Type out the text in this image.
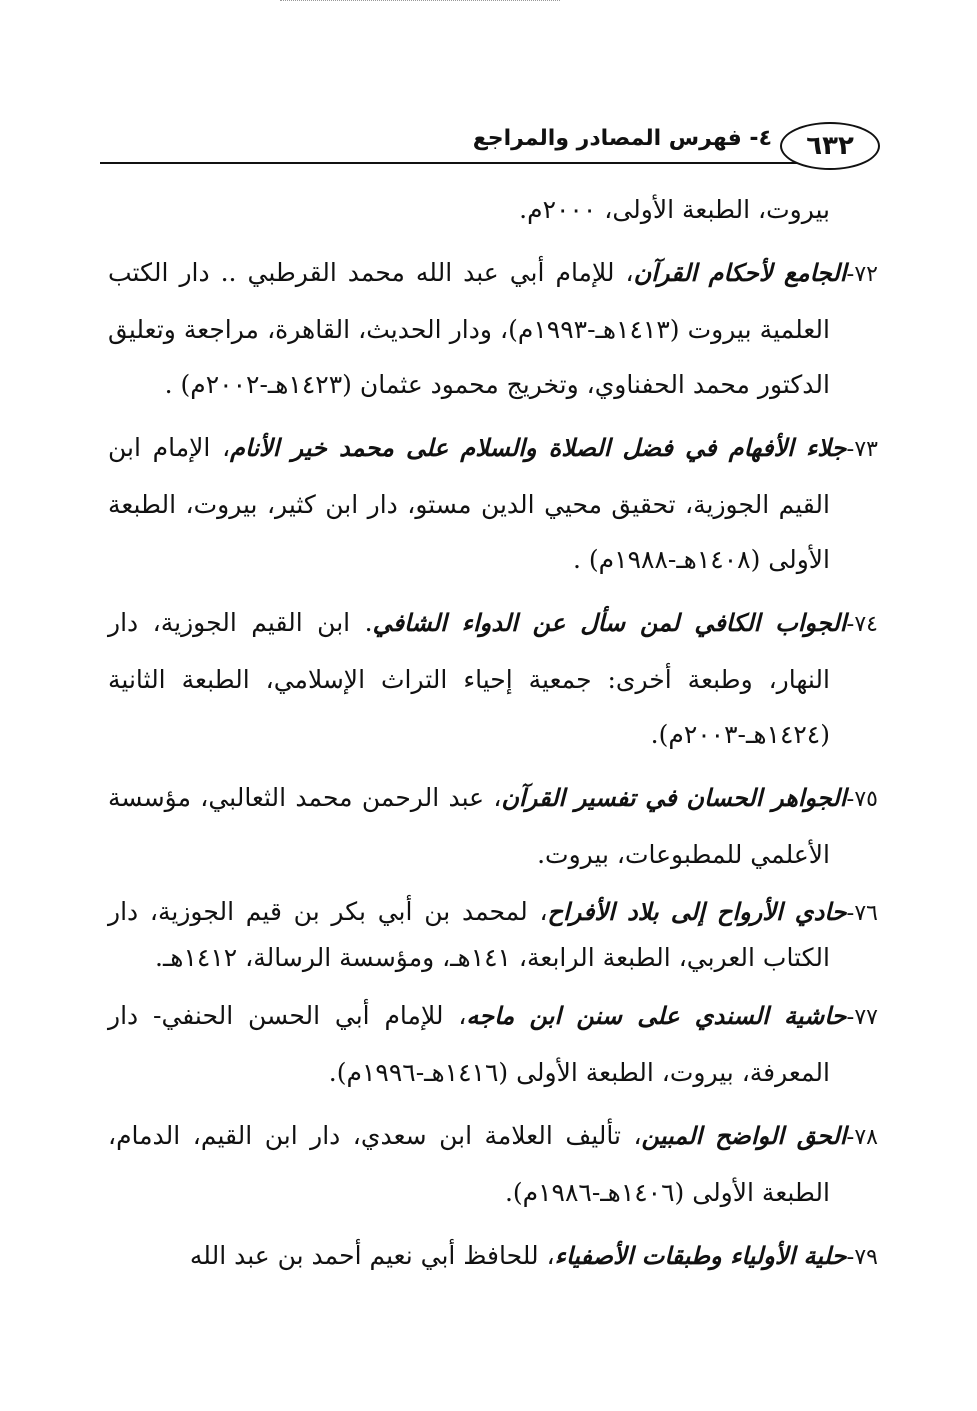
٦٣٢
٤- فهرس المصادر والمراجع

بيروت، الطبعة الأولى، ٢٠٠٠م.

٧٢-الجامع لأحكام القرآن، للإمام أبي عبد الله محمد القرطبي .. دار الكتب العلمية بيروت (١٤١٣هـ-١٩٩٣م)، ودار الحديث، القاهرة، مراجعة وتعليق الدكتور محمد الحفناوي، وتخريج محمود عثمان (١٤٢٣هـ-٢٠٠٢م) .

٧٣-جلاء الأفهام في فضل الصلاة والسلام على محمد خير الأنام، الإمام ابن القيم الجوزية، تحقيق محيي الدين مستو، دار ابن كثير، بيروت، الطبعة الأولى (١٤٠٨هـ-١٩٨٨م) .

٧٤-الجواب الكافي لمن سأل عن الدواء الشافي. ابن القيم الجوزية، دار النهار، وطبعة أخرى: جمعية إحياء التراث الإسلامي، الطبعة الثانية (١٤٢٤هـ-٢٠٠٣م).

٧٥-الجواهر الحسان في تفسير القرآن، عبد الرحمن محمد الثعالبي، مؤسسة الأعلمي للمطبوعات، بيروت.

٧٦-حادي الأرواح إلى بلاد الأفراح، لمحمد بن أبي بكر بن قيم الجوزية، دار الكتاب العربي، الطبعة الرابعة، ١٤١هـ، ومؤسسة الرسالة، ١٤١٢هـ.

٧٧-حاشية السندي على سنن ابن ماجه، للإمام أبي الحسن الحنفي- دار المعرفة، بيروت، الطبعة الأولى (١٤١٦هـ-١٩٩٦م).

٧٨-الحق الواضح المبين، تأليف العلامة ابن سعدي، دار ابن القيم، الدمام، الطبعة الأولى (١٤٠٦هـ-١٩٨٦م).

٧٩-حلية الأولياء وطبقات الأصفياء، للحافظ أبي نعيم أحمد بن عبد الله
